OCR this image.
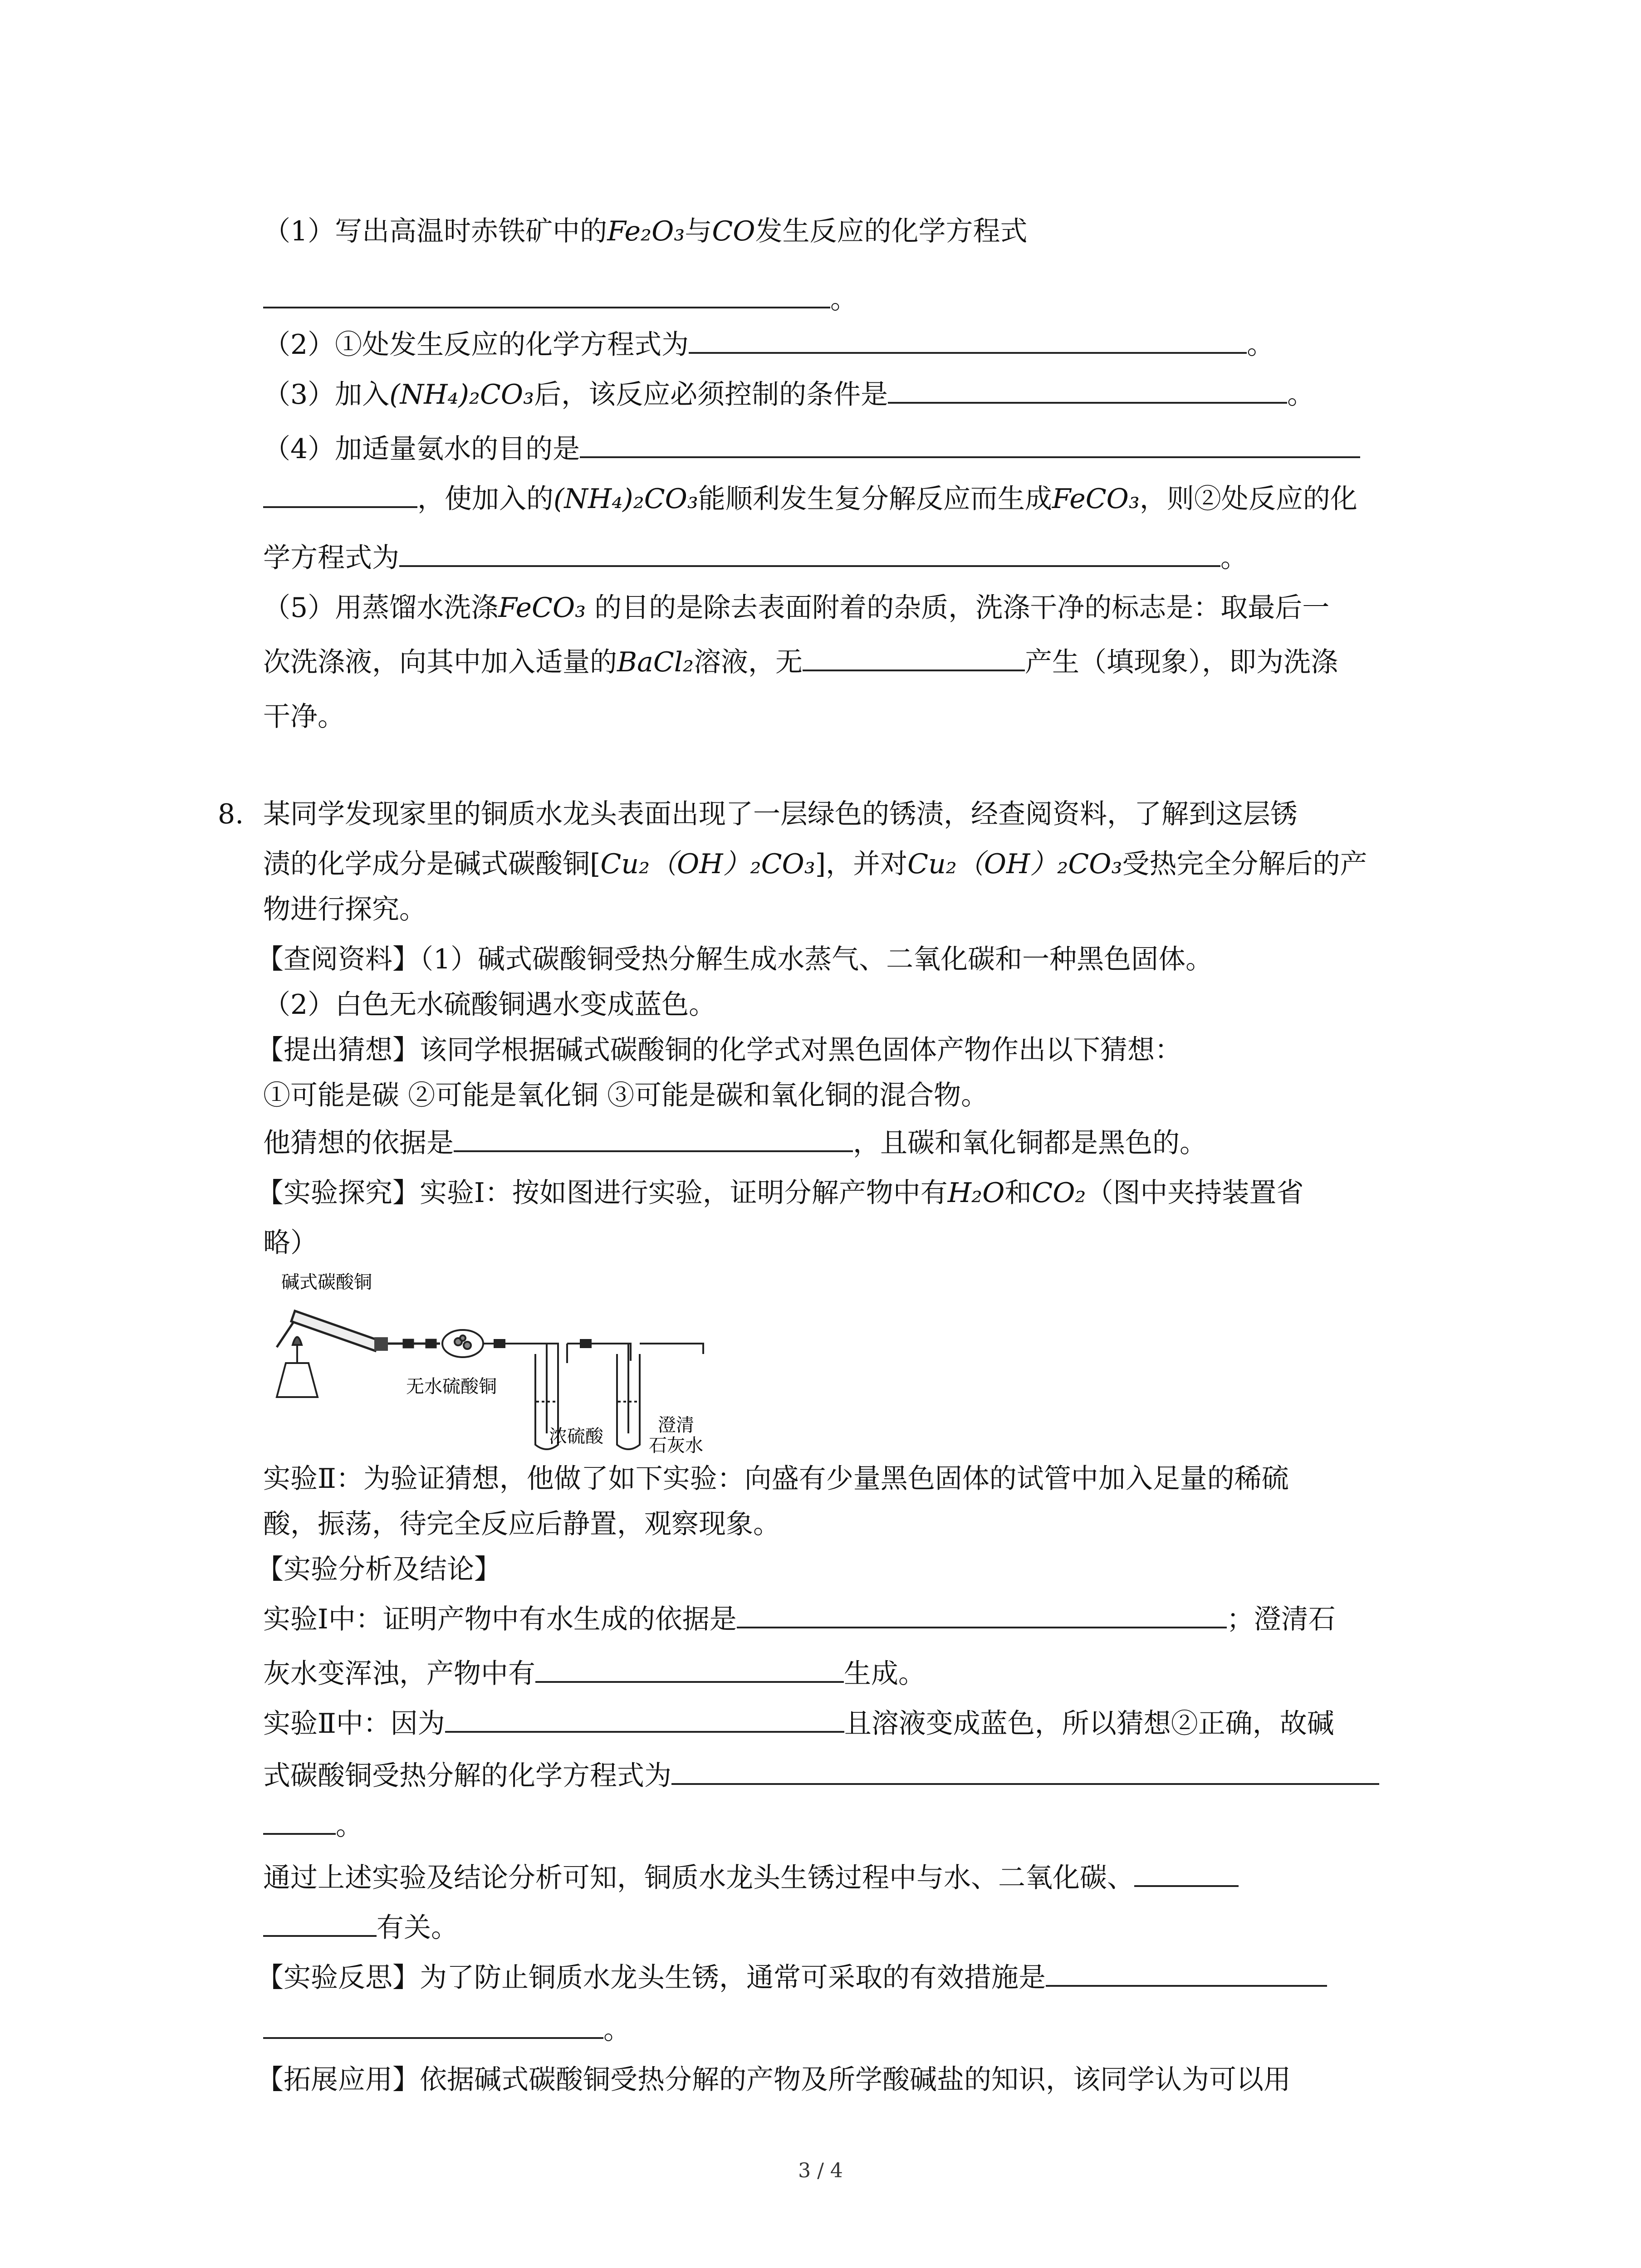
（1）写出高温时赤铁矿中的Fe₂O₃与CO发生反应的化学方程式
。
（2）①处发生反应的化学方程式为	。
（3）加入(NH₄)₂CO₃后，该反应必须控制的条件是	。
（4）加适量氨水的目的是
，使加入的(NH₄)₂CO₃能顺利发生复分解反应而生成FeCO₃，则②处反应的化
学方程式为	。
（5）用蒸馏水洗涤FeCO₃ 的目的是除去表面附着的杂质，洗涤干净的标志是：取最后一
次洗涤液，向其中加入适量的BaCl₂溶液，无	产生（填现象），即为洗涤
干净。
8. 某同学发现家里的铜质水龙头表面出现了一层绿色的锈渍，经查阅资料，了解到这层锈
渍的化学成分是碱式碳酸铜[Cu₂（OH）₂CO₃]，并对Cu₂（OH）₂CO₃受热完全分解后的产
物进行探究。
【查阅资料】（1）碱式碳酸铜受热分解生成水蒸气、二氧化碳和一种黑色固体。
（2）白色无水硫酸铜遇水变成蓝色。
【提出猜想】该同学根据碱式碳酸铜的化学式对黑色固体产物作出以下猜想：
①可能是碳 ②可能是氧化铜 ③可能是碳和氧化铜的混合物。
他猜想的依据是	，且碳和氧化铜都是黑色的。
【实验探究】实验Ⅰ：按如图进行实验，证明分解产物中有H₂O和CO₂（图中夹持装置省
略）
碱式碳酸铜
无水硫酸铜
浓硫酸
澄清
石灰水
实验Ⅱ：为验证猜想，他做了如下实验：向盛有少量黑色固体的试管中加入足量的稀硫
酸，振荡，待完全反应后静置，观察现象。
【实验分析及结论】
实验Ⅰ中：证明产物中有水生成的依据是	；澄清石
灰水变浑浊，产物中有	生成。
实验Ⅱ中：因为	且溶液变成蓝色，所以猜想②正确，故碱
式碳酸铜受热分解的化学方程式为
。
通过上述实验及结论分析可知，铜质水龙头生锈过程中与水、二氧化碳、
有关。
【实验反思】为了防止铜质水龙头生锈，通常可采取的有效措施是
。
【拓展应用】依据碱式碳酸铜受热分解的产物及所学酸碱盐的知识，该同学认为可以用
3 / 4
